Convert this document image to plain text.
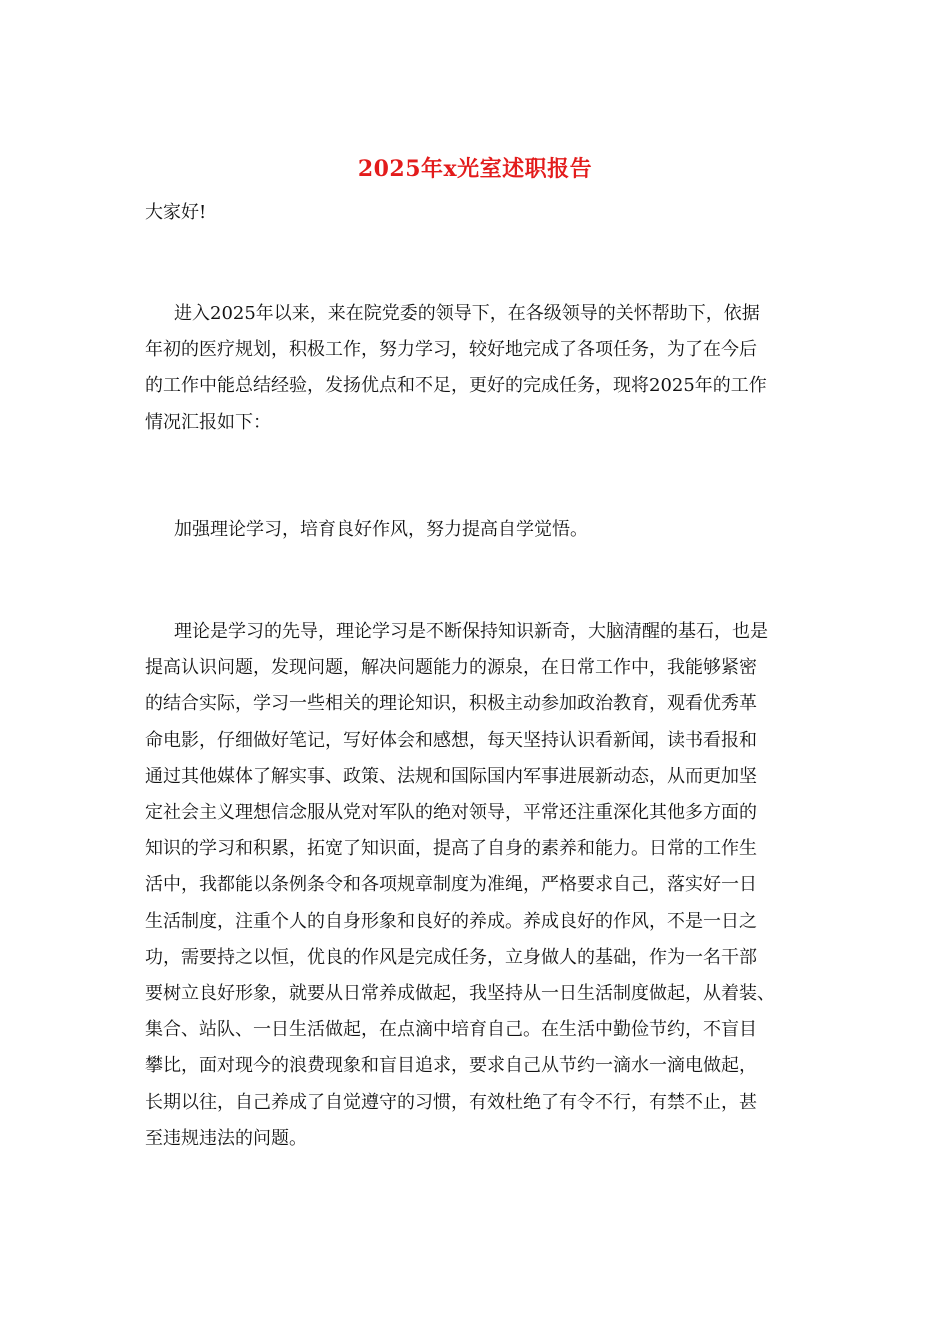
2025年x光室述职报告
大家好!

进入2025年以来，来在院党委的领导下，在各级领导的关怀帮助下，依据
年初的医疗规划，积极工作，努力学习，较好地完成了各项任务，为了在今后
的工作中能总结经验，发扬优点和不足，更好的完成任务，现将2025年的工作
情况汇报如下：

加强理论学习，培育良好作风，努力提高自学觉悟。

理论是学习的先导，理论学习是不断保持知识新奇，大脑清醒的基石，也是
提高认识问题，发现问题，解决问题能力的源泉，在日常工作中，我能够紧密
的结合实际，学习一些相关的理论知识，积极主动参加政治教育，观看优秀革
命电影，仔细做好笔记，写好体会和感想，每天坚持认识看新闻，读书看报和
通过其他媒体了解实事、政策、法规和国际国内军事进展新动态，从而更加坚
定社会主义理想信念服从党对军队的绝对领导，平常还注重深化其他多方面的
知识的学习和积累，拓宽了知识面，提高了自身的素养和能力。日常的工作生
活中，我都能以条例条令和各项规章制度为准绳，严格要求自己，落实好一日
生活制度，注重个人的自身形象和良好的养成。养成良好的作风，不是一日之
功，需要持之以恒，优良的作风是完成任务，立身做人的基础，作为一名干部
要树立良好形象，就要从日常养成做起，我坚持从一日生活制度做起，从着装、
集合、站队、一日生活做起，在点滴中培育自己。在生活中勤俭节约，不盲目
攀比，面对现今的浪费现象和盲目追求，要求自己从节约一滴水一滴电做起，
长期以往，自己养成了自觉遵守的习惯，有效杜绝了有令不行，有禁不止，甚
至违规违法的问题。
